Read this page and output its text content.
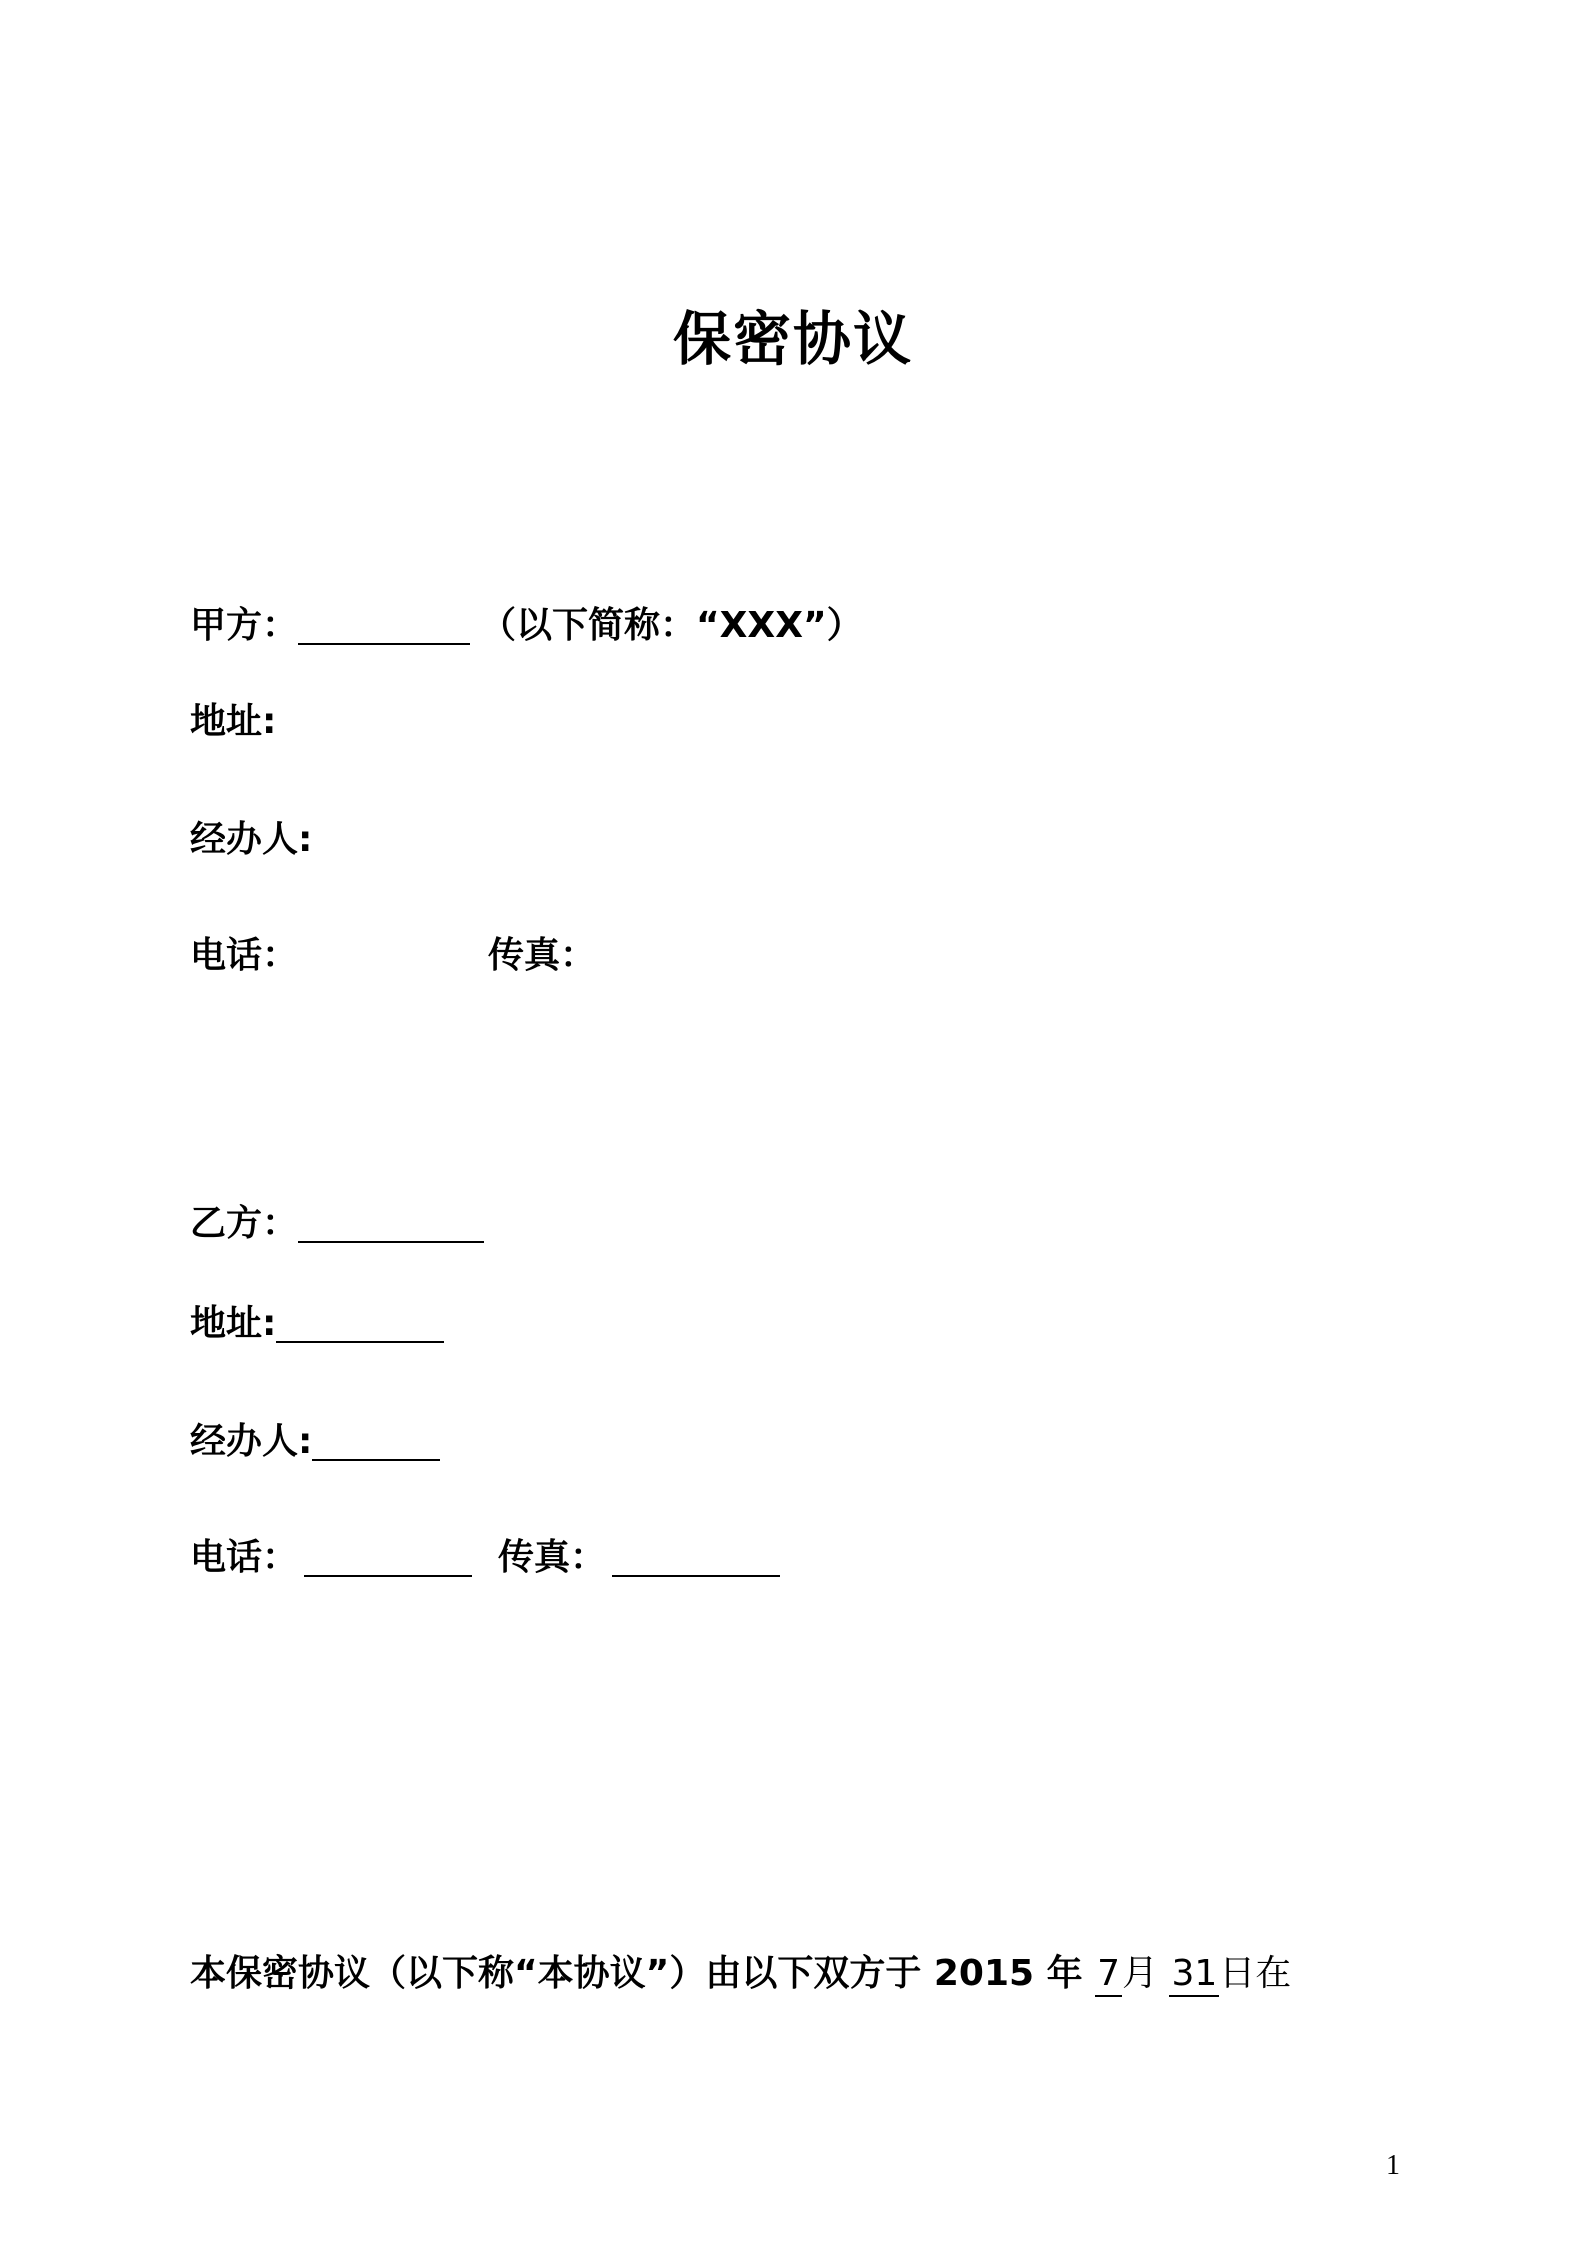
保密协议
甲方：	（以下简称：“XXX”）
地址:
经办人:
电话：	传真：
乙方：
地址:
经办人:
电话：	传真：
本保密协议（以下称“本协议”）由以下双方于 2015 年 7月 31日在
1
